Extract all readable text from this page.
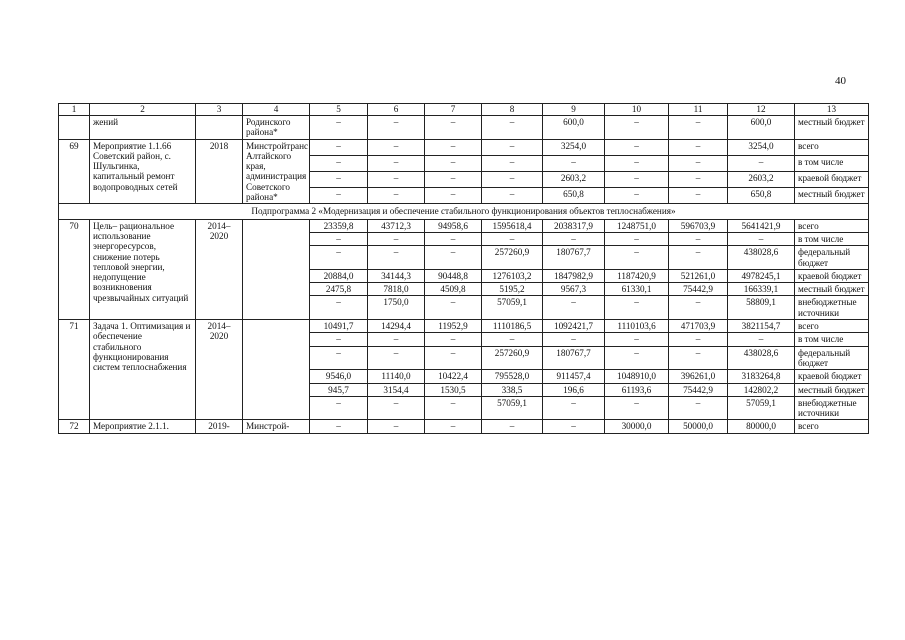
40
1	2	3	4	5	6	7	8	9	10	11	12	13
	жений		Родинского района*	–	–	–	–	600,0	–	–	600,0	местный бюджет
69	Мероприятие 1.1.66 Советский район, с. Шульгинка, капитальный ремонт водопроводных сетей	2018	Минстройтранс Алтайского края, администрация Советского района*	–	–	–	–	3254,0	–	–	3254,0	всего
				–	–	–	–	–	–	–	–	в том числе
				–	–	–	–	2603,2	–	–	2603,2	краевой бюджет
				–	–	–	–	650,8	–	–	650,8	местный бюджет
Подпрограмма 2 «Модернизация и обеспечение стабильного функционирования объектов теплоснабжения»												
70	Цель– рациональное использование энергоресурсов, снижение потерь тепловой энергии, недопущение возникновения чрезвычайных ситуаций	2014–2020		23359,8	43712,3	94958,6	1595618,4	2038317,9	1248751,0	596703,9	5641421,9	всего
				–	–	–	–	–	–	–	–	в том числе
				–	–	–	257260,9	180767,7	–	–	438028,6	федеральный бюджет
				20884,0	34144,3	90448,8	1276103,2	1847982,9	1187420,9	521261,0	4978245,1	краевой бюджет
				2475,8	7818,0	4509,8	5195,2	9567,3	61330,1	75442,9	166339,1	местный бюджет
				–	1750,0	–	57059,1	–	–	–	58809,1	внебюджетные источники
71	Задача 1. Оптимизация и обеспечение стабильного функционирования систем теплоснабжения	2014–2020		10491,7	14294,4	11952,9	1110186,5	1092421,7	1110103,6	471703,9	3821154,7	всего
				–	–	–	–	–	–	–	–	в том числе
				–	–	–	257260,9	180767,7	–	–	438028,6	федеральный бюджет
				9546,0	11140,0	10422,4	795528,0	911457,4	1048910,0	396261,0	3183264,8	краевой бюджет
				945,7	3154,4	1530,5	338,5	196,6	61193,6	75442,9	142802,2	местный бюджет
				–	–	–	57059,1	–	–	–	57059,1	внебюджетные источники
72	Мероприятие 2.1.1.	2019-	Минстрой-	–	–	–	–	–	30000,0	50000,0	80000,0	всего
